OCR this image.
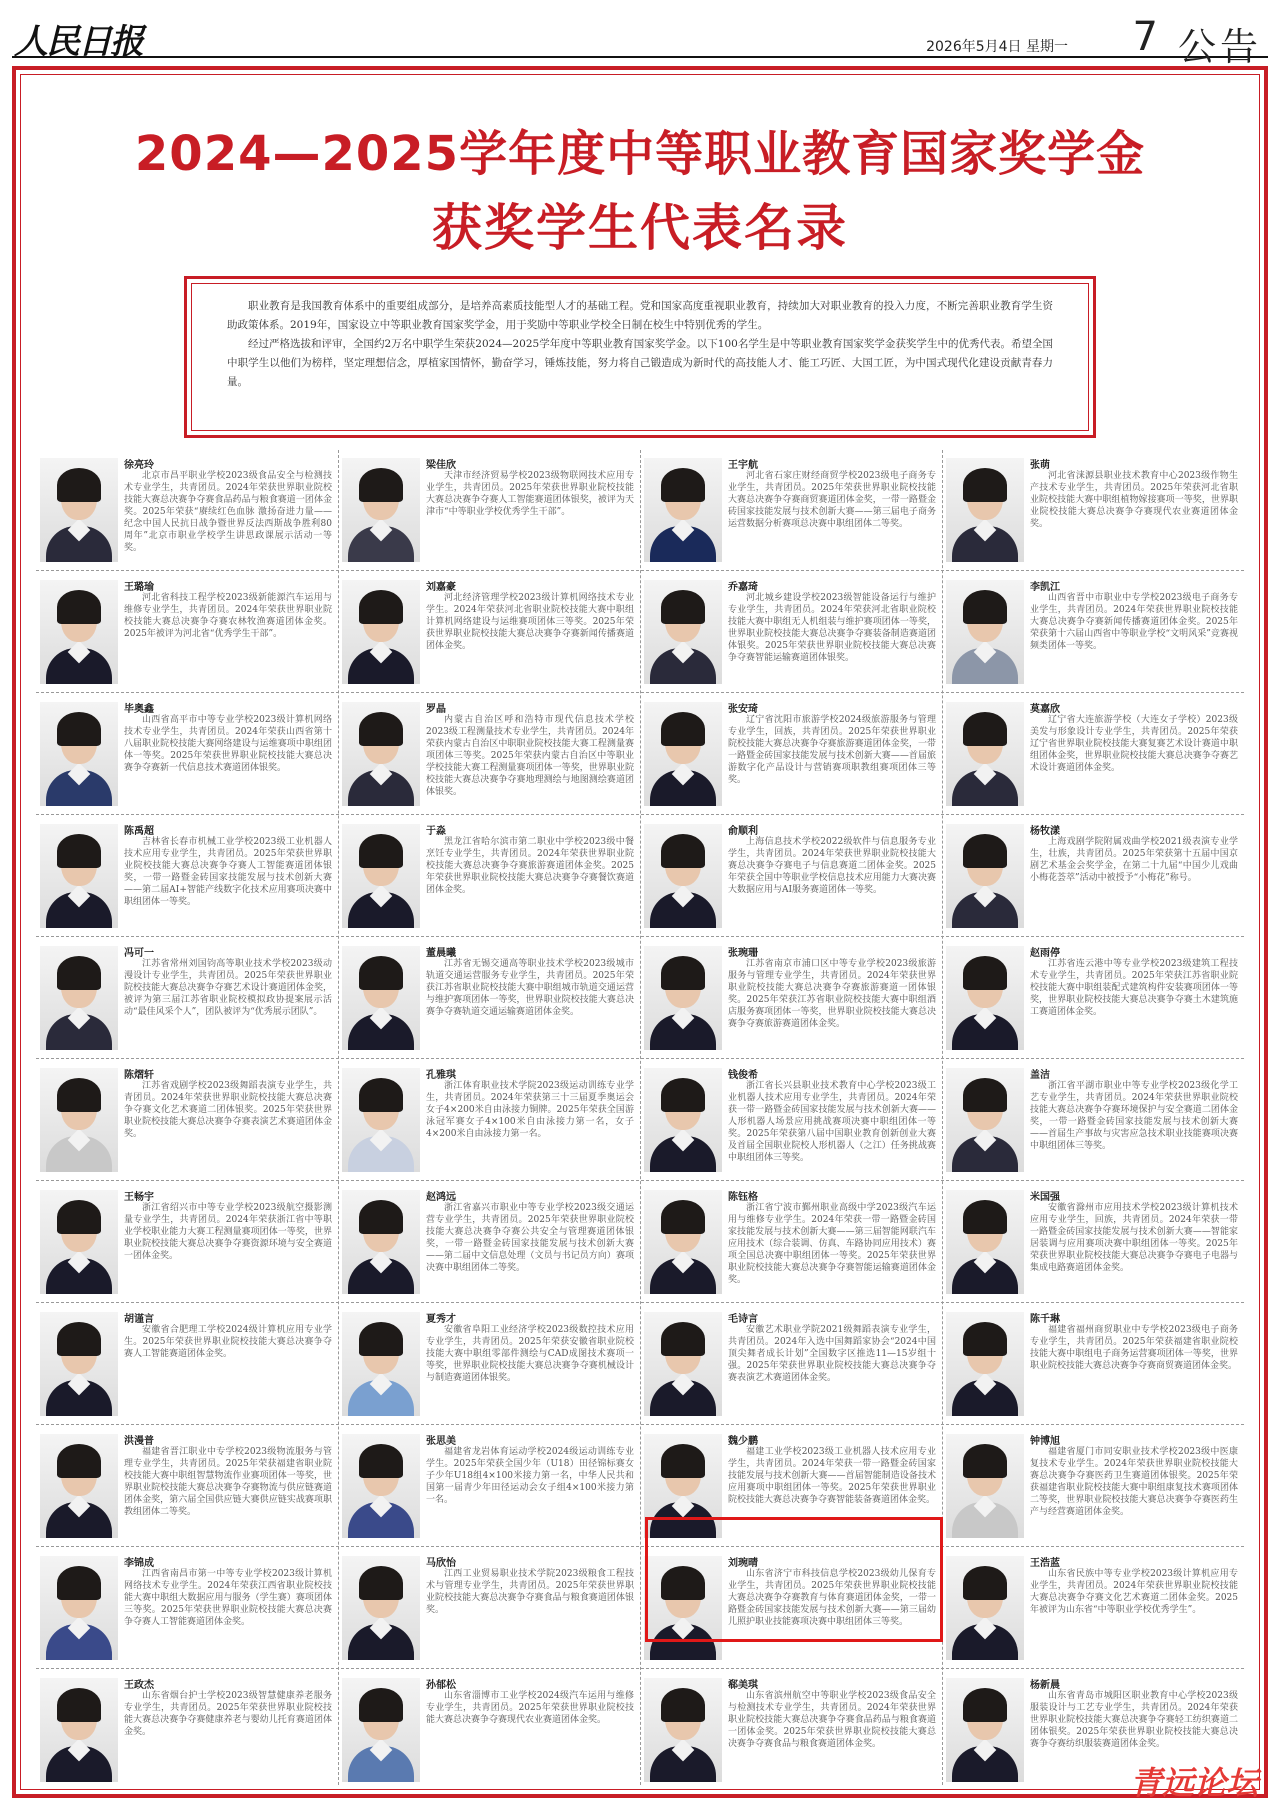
人民日报	2026年5月4日 星期一 7 公告
2024—2025学年度中等职业教育国家奖学金
获奖学生代表名录

职业教育是我国教育体系中的重要组成部分，是培养高素质技能型人才的基础工程。党和国家高度重视职业教育，持续加大对职业教育的投入力度，不断完善职业教育学生资助政策体系。2019年，国家设立中等职业教育国家奖学金，用于奖励中等职业学校全日制在校生中特别优秀的学生。

经过严格选拔和评审，全国约2万名中职学生荣获2024—2025学年度中等职业教育国家奖学金。以下100名学生是中等职业教育国家奖学金获奖学生中的优秀代表。希望全国中职学生以他们为榜样，坚定理想信念，厚植家国情怀，勤奋学习，锤炼技能，努力将自己锻造成为新时代的高技能人才、能工巧匠、大国工匠，为中国式现代化建设贡献青春力量。

徐亮玲
北京市昌平职业学校2023级食品安全与检测技术专业学生，共青团员。2024年荣获世界职业院校技能大赛总决赛争夺赛食品药品与粮食赛道一团体金奖。2025年荣获“赓续红色血脉 激扬奋进力量——纪念中国人民抗日战争暨世界反法西斯战争胜利80周年”北京市职业学校学生讲思政课展示活动一等奖。
梁佳欣
天津市经济贸易学校2023级物联网技术应用专业学生，共青团员。2025年荣获世界职业院校技能大赛总决赛争夺赛人工智能赛道团体银奖，被评为天津市“中等职业学校优秀学生干部”。
王宇航
河北省石家庄财经商贸学校2023级电子商务专业学生，共青团员。2025年荣获世界职业院校技能大赛总决赛争夺赛商贸赛道团体金奖，一带一路暨金砖国家技能发展与技术创新大赛——第三届电子商务运营数据分析赛项总决赛中职组团体二等奖。
张萌
河北省涞源县职业技术教育中心2023级作物生产技术专业学生，共青团员。2025年荣获河北省职业院校技能大赛中职组植物嫁接赛项一等奖，世界职业院校技能大赛总决赛争夺赛现代农业赛道团体金奖。
王璐瑜
河北省科技工程学校2023级新能源汽车运用与维修专业学生，共青团员。2024年荣获世界职业院校技能大赛总决赛争夺赛农林牧渔赛道团体金奖。2025年被评为河北省“优秀学生干部”。
刘嘉豪
河北经济管理学校2023级计算机网络技术专业学生。2024年荣获河北省职业院校技能大赛中职组计算机网络建设与运维赛项团体三等奖。2025年荣获世界职业院校技能大赛总决赛争夺赛新闻传播赛道团体金奖。
乔嘉琦
河北城乡建设学校2023级智能设备运行与维护专业学生，共青团员。2024年荣获河北省职业院校技能大赛中职组无人机组装与维护赛项团体一等奖，世界职业院校技能大赛总决赛争夺赛装备制造赛道团体银奖。2025年荣获世界职业院校技能大赛总决赛争夺赛智能运输赛道团体银奖。
李凯江
山西省晋中市职业中专学校2023级电子商务专业学生，共青团员。2024年荣获世界职业院校技能大赛总决赛争夺赛新闻传播赛道团体金奖。2025年荣获第十六届山西省中等职业学校“文明风采”竞赛视频类团体一等奖。
毕奥鑫
山西省高平市中等专业学校2023级计算机网络技术专业学生，共青团员。2024年荣获山西省第十八届职业院校技能大赛网络建设与运维赛项中职组团体一等奖。2025年荣获世界职业院校技能大赛总决赛争夺赛新一代信息技术赛道团体银奖。
罗晶
内蒙古自治区呼和浩特市现代信息技术学校2023级工程测量技术专业学生，共青团员。2024年荣获内蒙古自治区中职职业院校技能大赛工程测量赛项团体三等奖。2025年荣获内蒙古自治区中等职业学校技能大赛工程测量赛项团体一等奖，世界职业院校技能大赛总决赛争夺赛地理测绘与地图测绘赛道团体银奖。
张安琦
辽宁省沈阳市旅游学校2024级旅游服务与管理专业学生，回族，共青团员。2025年荣获世界职业院校技能大赛总决赛争夺赛旅游赛道团体金奖，一带一路暨金砖国家技能发展与技术创新大赛——首届旅游数字化产品设计与营销赛项职教组赛项团体三等奖。
莫嘉欣
辽宁省大连旅游学校（大连女子学校）2023级美发与形象设计专业学生，共青团员。2025年荣获辽宁省世界职业院校技能大赛复赛艺术设计赛道中职组团体金奖，世界职业院校技能大赛总决赛争夺赛艺术设计赛道团体金奖。
陈禹超
吉林省长春市机械工业学校2023级工业机器人技术应用专业学生，共青团员。2025年荣获世界职业院校技能大赛总决赛争夺赛人工智能赛道团体银奖，一带一路暨金砖国家技能发展与技术创新大赛——第二届AI+智能产线数字化技术应用赛项决赛中职组团体一等奖。
于淼
黑龙江省哈尔滨市第二职业中学校2023级中餐烹饪专业学生，共青团员。2024年荣获世界职业院校技能大赛总决赛争夺赛旅游赛道团体金奖。2025年荣获世界职业院校技能大赛总决赛争夺赛餐饮赛道团体金奖。
俞顺利
上海信息技术学校2022级软件与信息服务专业学生，共青团员。2024年荣获世界职业院校技能大赛总决赛争夺赛电子与信息赛道二团体金奖。2025年荣获全国中等职业学校信息技术应用能力大赛决赛大数据应用与AI服务赛道团体一等奖。
杨牧漾
上海戏剧学院附属戏曲学校2021级表演专业学生，壮族，共青团员。2025年荣获第十五届中国京剧艺术基金会奖学金，在第二十九届“中国少儿戏曲小梅花荟萃”活动中被授予“小梅花”称号。
冯可一
江苏省常州刘国钧高等职业技术学校2023级动漫设计专业学生，共青团员。2025年荣获世界职业院校技能大赛总决赛争夺赛艺术设计赛道团体金奖，被评为第三届江苏省职业院校模拟政协提案展示活动“最佳风采个人”，团队被评为“优秀展示团队”。
董晨曦
江苏省无锡交通高等职业技术学校2023级城市轨道交通运营服务专业学生，共青团员。2025年荣获江苏省职业院校技能大赛中职组城市轨道交通运营与维护赛项团体一等奖，世界职业院校技能大赛总决赛争夺赛轨道交通运输赛道团体金奖。
张琬珊
江苏省南京市浦口区中等专业学校2023级旅游服务与管理专业学生，共青团员。2024年荣获世界职业院校技能大赛总决赛争夺赛旅游赛道一团体银奖。2025年荣获江苏省职业院校技能大赛中职组酒店服务赛项团体一等奖，世界职业院校技能大赛总决赛争夺赛旅游赛道团体金奖。
赵雨停
江苏省连云港中等专业学校2023级建筑工程技术专业学生，共青团员。2025年荣获江苏省职业院校技能大赛中职组装配式建筑构件安装赛项团体一等奖，世界职业院校技能大赛总决赛争夺赛土木建筑施工赛道团体金奖。
陈熠轩
江苏省戏剧学校2023级舞蹈表演专业学生，共青团员。2024年荣获世界职业院校技能大赛总决赛争夺赛文化艺术赛道二团体银奖。2025年荣获世界职业院校技能大赛总决赛争夺赛表演艺术赛道团体金奖。
孔雅琪
浙江体育职业技术学院2023级运动训练专业学生，共青团员。2024年荣获第三十三届夏季奥运会女子4×200米自由泳接力铜牌。2025年荣获全国游泳冠军赛女子4×100米自由泳接力第一名，女子4×200米自由泳接力第一名。
钱俊希
浙江省长兴县职业技术教育中心学校2023级工业机器人技术应用专业学生，共青团员。2024年荣获一带一路暨金砖国家技能发展与技术创新大赛——人形机器人场景应用挑战赛项决赛中职组团体一等奖。2025年荣获第八届中国职业教育创新创业大赛及首届全国职业院校人形机器人（之江）任务挑战赛中职组团体三等奖。
盖洁
浙江省平湖市职业中等专业学校2023级化学工艺专业学生，共青团员。2024年荣获世界职业院校技能大赛总决赛争夺赛环境保护与安全赛道二团体金奖，一带一路暨金砖国家技能发展与技术创新大赛——首届生产事故与灾害应急技术职业技能赛项决赛中职组团体三等奖。
王畅宇
浙江省绍兴市中等专业学校2023级航空摄影测量专业学生，共青团员。2024年荣获浙江省中等职业学校职业能力大赛工程测量赛项团体一等奖，世界职业院校技能大赛总决赛争夺赛资源环境与安全赛道一团体金奖。
赵鸿远
浙江省嘉兴市职业中等专业学校2023级交通运营专业学生，共青团员。2025年荣获世界职业院校技能大赛总决赛争夺赛公共安全与管理赛道团体银奖，一带一路暨金砖国家技能发展与技术创新大赛——第二届中文信息处理（文员与书记员方向）赛项决赛中职组团体二等奖。
陈钰格
浙江省宁波市鄞州职业高级中学2023级汽车运用与维修专业学生。2024年荣获一带一路暨金砖国家技能发展与技术创新大赛——第三届智能网联汽车应用技术（综合装调、仿真、车路协同应用技术）赛项全国总决赛中职组团体一等奖。2025年荣获世界职业院校技能大赛总决赛争夺赛智能运输赛道团体金奖。
米国强
安徽省滁州市应用技术学校2023级计算机技术应用专业学生，回族，共青团员。2024年荣获一带一路暨金砖国家技能发展与技术创新大赛——智能家居装调与应用赛项决赛中职组团体一等奖。2025年荣获世界职业院校技能大赛总决赛争夺赛电子电器与集成电路赛道团体金奖。
胡谨言
安徽省合肥理工学校2024级计算机应用专业学生。2025年荣获世界职业院校技能大赛总决赛争夺赛人工智能赛道团体金奖。
夏秀才
安徽省阜阳工业经济学校2023级数控技术应用专业学生，共青团员。2025年荣获安徽省职业院校技能大赛中职组零部件测绘与CAD成图技术赛项一等奖，世界职业院校技能大赛总决赛争夺赛机械设计与制造赛道团体银奖。
毛诗言
安徽艺术职业学院2021级舞蹈表演专业学生，共青团员。2024年入选中国舞蹈家协会“2024中国顶尖舞者成长计划”全国数字区推选11—15岁组十强。2025年荣获世界职业院校技能大赛总决赛争夺赛表演艺术赛道团体金奖。
陈千琳
福建省福州商贸职业中专学校2023级电子商务专业学生，共青团员。2025年荣获福建省职业院校技能大赛中职组电子商务运营赛项团体一等奖，世界职业院校技能大赛总决赛争夺赛商贸赛道团体金奖。
洪漫普
福建省晋江职业中专学校2023级物流服务与管理专业学生，共青团员。2025年荣获福建省职业院校技能大赛中职组智慧物流作业赛项团体一等奖，世界职业院校技能大赛总决赛争夺赛物流与供应链赛道团体金奖，第六届全国供应链大赛供应链实战赛项职教组团体二等奖。
张思美
福建省龙岩体育运动学校2024级运动训练专业学生。2025年荣获全国少年（U18）田径锦标赛女子少年U18组4×100米接力第一名，中华人民共和国第一届青少年田径运动会女子组4×100米接力第一名。
魏少鹏
福建工业学校2023级工业机器人技术应用专业学生，共青团员。2024年荣获一带一路暨金砖国家技能发展与技术创新大赛——首届智能制造设备技术应用赛项中职组团体一等奖。2025年荣获世界职业院校技能大赛总决赛争夺赛智能装备赛道团体金奖。
钟博旭
福建省厦门市同安职业技术学校2023级中医康复技术专业学生。2024年荣获世界职业院校技能大赛总决赛争夺赛医药卫生赛道团体银奖。2025年荣获福建省职业院校技能大赛中职组康复技术赛项团体二等奖，世界职业院校技能大赛总决赛争夺赛医药生产与经营赛道团体金奖。
李锦成
江西省南昌市第一中等专业学校2023级计算机网络技术专业学生。2024年荣获江西省职业院校技能大赛中职组大数据应用与服务（学生赛）赛项团体三等奖。2025年荣获世界职业院校技能大赛总决赛争夺赛人工智能赛道团体金奖。
马欣怡
江西工业贸易职业技术学院2023级粮食工程技术与管理专业学生，共青团员。2025年荣获世界职业院校技能大赛总决赛争夺赛食品与粮食赛道团体银奖。
刘琬晴
山东省济宁市科技信息学校2023级幼儿保育专业学生，共青团员。2025年荣获世界职业院校技能大赛总决赛争夺赛教育与体育赛道团体金奖，一带一路暨金砖国家技能发展与技术创新大赛——第三届幼儿照护职业技能赛项决赛中职组团体三等奖。
王浩蓝
山东省民族中等专业学校2023级计算机应用专业学生，共青团员。2024年荣获世界职业院校技能大赛总决赛争夺赛文化艺术赛道二团体金奖。2025年被评为山东省“中等职业学校优秀学生”。
王政杰
山东省烟台护士学校2023级智慧健康养老服务专业学生，共青团员。2025年荣获世界职业院校技能大赛总决赛争夺赛健康养老与婴幼儿托育赛道团体金奖。
孙郁松
山东省淄博市工业学校2024级汽车运用与维修专业学生，共青团员。2025年荣获世界职业院校技能大赛总决赛争夺赛现代农业赛道团体金奖。
郗美琪
山东省滨州航空中等职业学校2023级食品安全与检测技术专业学生，共青团员。2024年荣获世界职业院校技能大赛总决赛争夺赛食品药品与粮食赛道一团体金奖。2025年荣获世界职业院校技能大赛总决赛争夺赛食品与粮食赛道团体金奖。
杨新晨
山东省青岛市城阳区职业教育中心学校2023级服装设计与工艺专业学生，共青团员。2024年荣获世界职业院校技能大赛总决赛争夺赛轻工纺织赛道二团体银奖。2025年荣获世界职业院校技能大赛总决赛争夺赛纺织服装赛道团体金奖。
青远论坛
